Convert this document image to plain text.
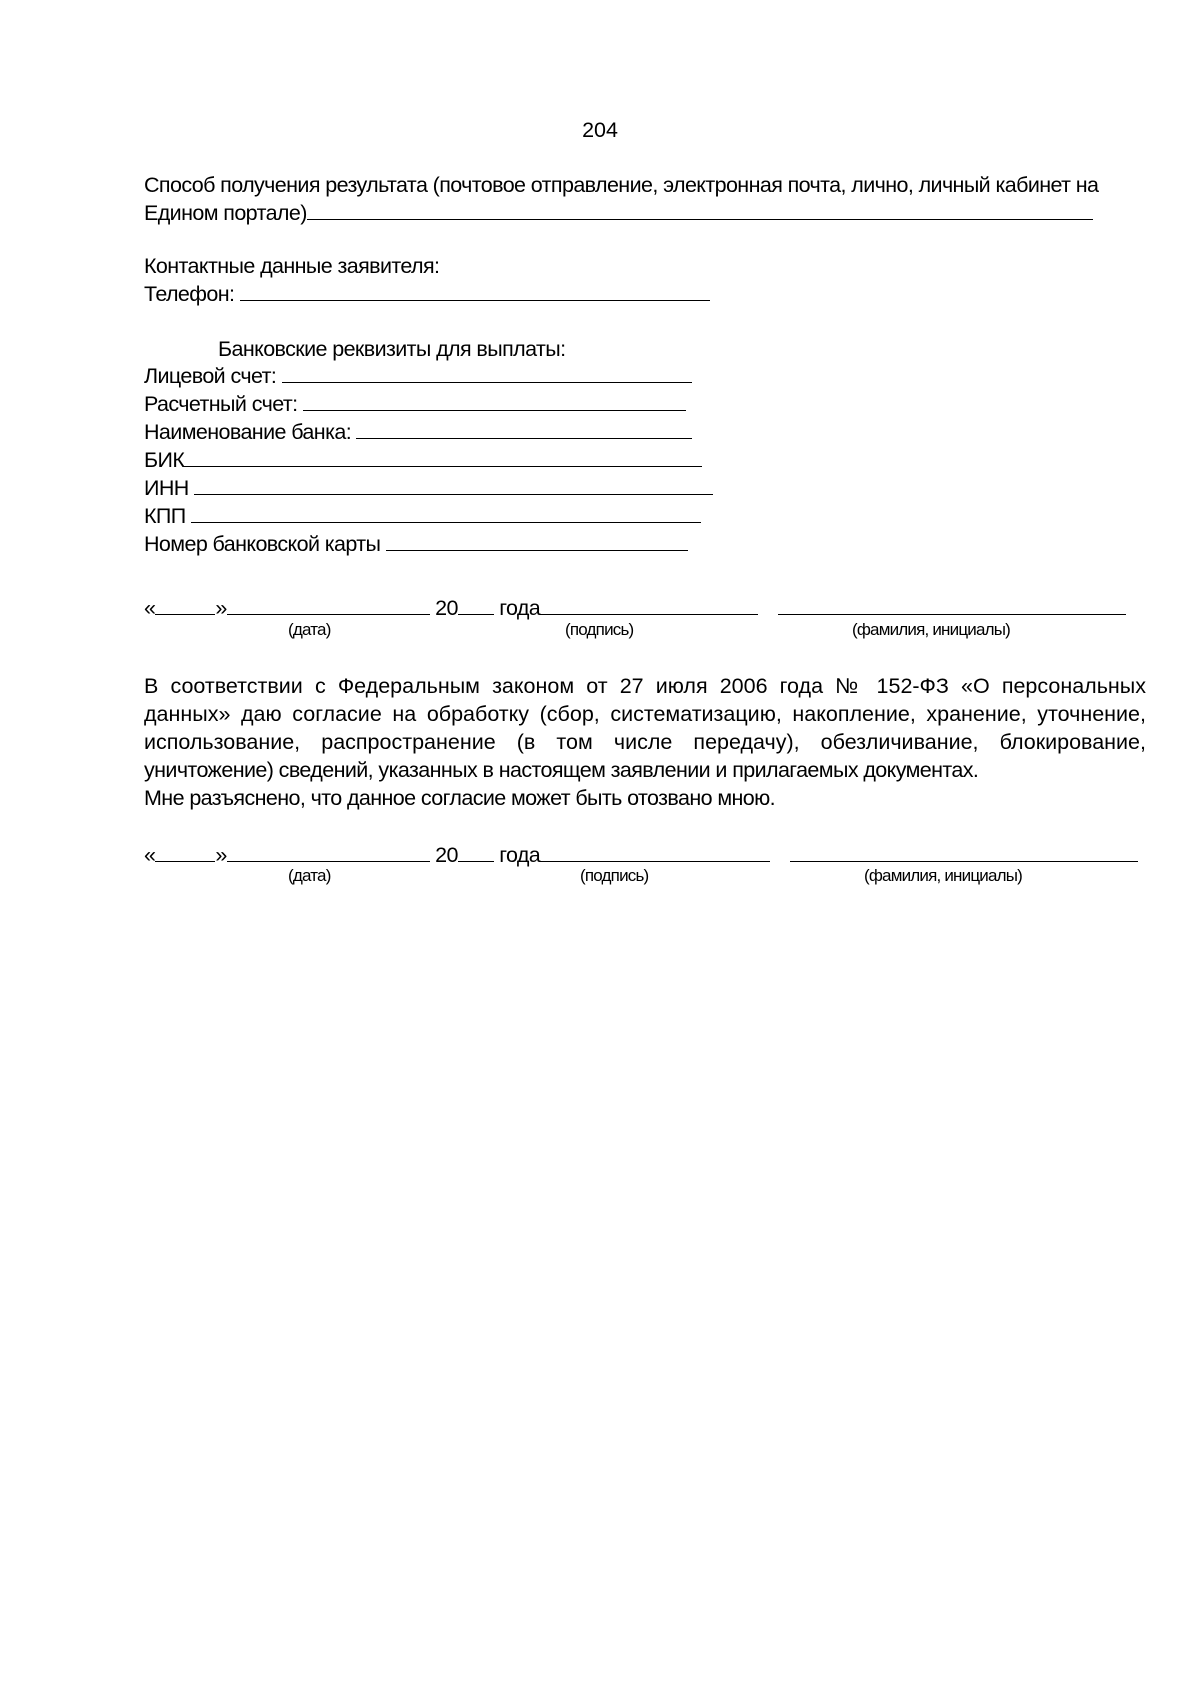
204
Способ получения результата (почтовое отправление, электронная почта, лично, личный кабинет на
Едином портале)
Контактные данные заявителя:
Телефон:
Банковские реквизиты для выплаты:
Лицевой счет:
Расчетный счет:
Наименование банка:
БИК
ИНН
КПП
Номер банковской карты
«	»	20 года
(дата)	(подпись)	(фамилия, инициалы)
В соответствии с Федеральным законом от 27 июля 2006 года № 152-ФЗ «О персональных
данных» даю согласие на обработку (сбор, систематизацию, накопление, хранение, уточнение,
использование, распространение (в том числе передачу), обезличивание, блокирование,
уничтожение) сведений, указанных в настоящем заявлении и прилагаемых документах.
Мне разъяснено, что данное согласие может быть отозвано мною.
«	»	20 года
(дата)	(подпись)	(фамилия, инициалы)
